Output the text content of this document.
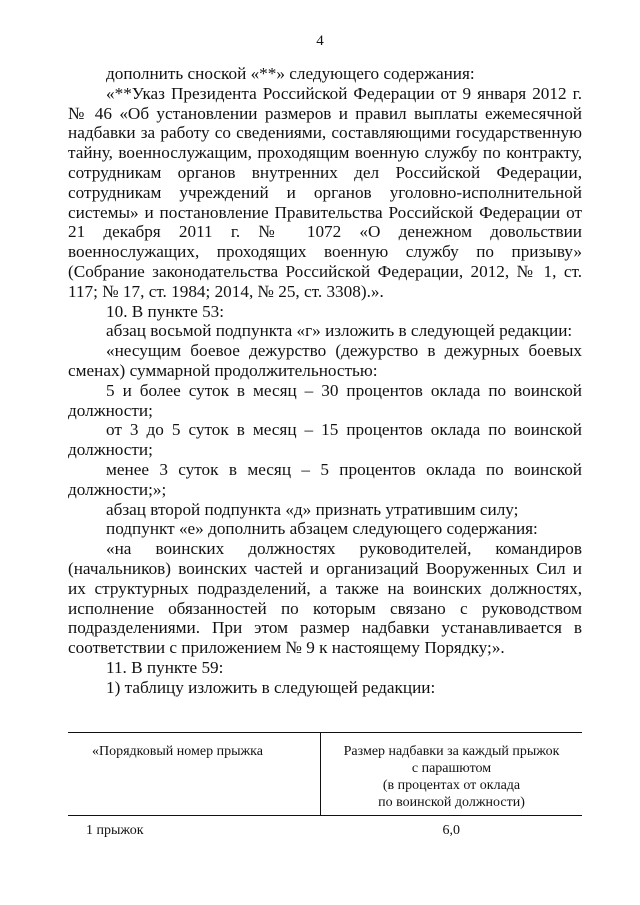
4

дополнить сноской «**» следующего содержания:

«**Указ Президента Российской Федерации от 9 января 2012 г. № 46 «Об установлении размеров и правил выплаты ежемесячной надбавки за работу со сведениями, составляющими государственную тайну, военнослужащим, проходящим военную службу по контракту, сотрудникам органов внутренних дел Российской Федерации, сотрудникам учреждений и органов уголовно-исполнительной системы» и постановление Правительства Российской Федерации от 21 декабря 2011 г. № 1072 «О денежном довольствии военнослужащих, проходящих военную службу по призыву» (Собрание законодательства Российской Федерации, 2012, № 1, ст. 117; № 17, ст. 1984; 2014, № 25, ст. 3308).».

10. В пункте 53:

абзац восьмой подпункта «г» изложить в следующей редакции:

«несущим боевое дежурство (дежурство в дежурных боевых сменах) суммарной продолжительностью:

5 и более суток в месяц – 30 процентов оклада по воинской должности;

от 3 до 5 суток в месяц – 15 процентов оклада по воинской должности;

менее 3 суток в месяц – 5 процентов оклада по воинской должности;»;

абзац второй подпункта «д» признать утратившим силу;

подпункт «е» дополнить абзацем следующего содержания:

«на воинских должностях руководителей, командиров (начальников) воинских частей и организаций Вооруженных Сил и их структурных подразделений, а также на воинских должностях, исполнение обязанностей по которым связано с руководством подразделениями. При этом размер надбавки устанавливается в соответствии с приложением № 9 к настоящему Порядку;».

11. В пункте 59:

1) таблицу изложить в следующей редакции:

«Порядковый номер прыжка	Размер надбавки за каждый прыжок
с парашютом
(в процентах от оклада
по воинской должности)

1 прыжок	6,0
